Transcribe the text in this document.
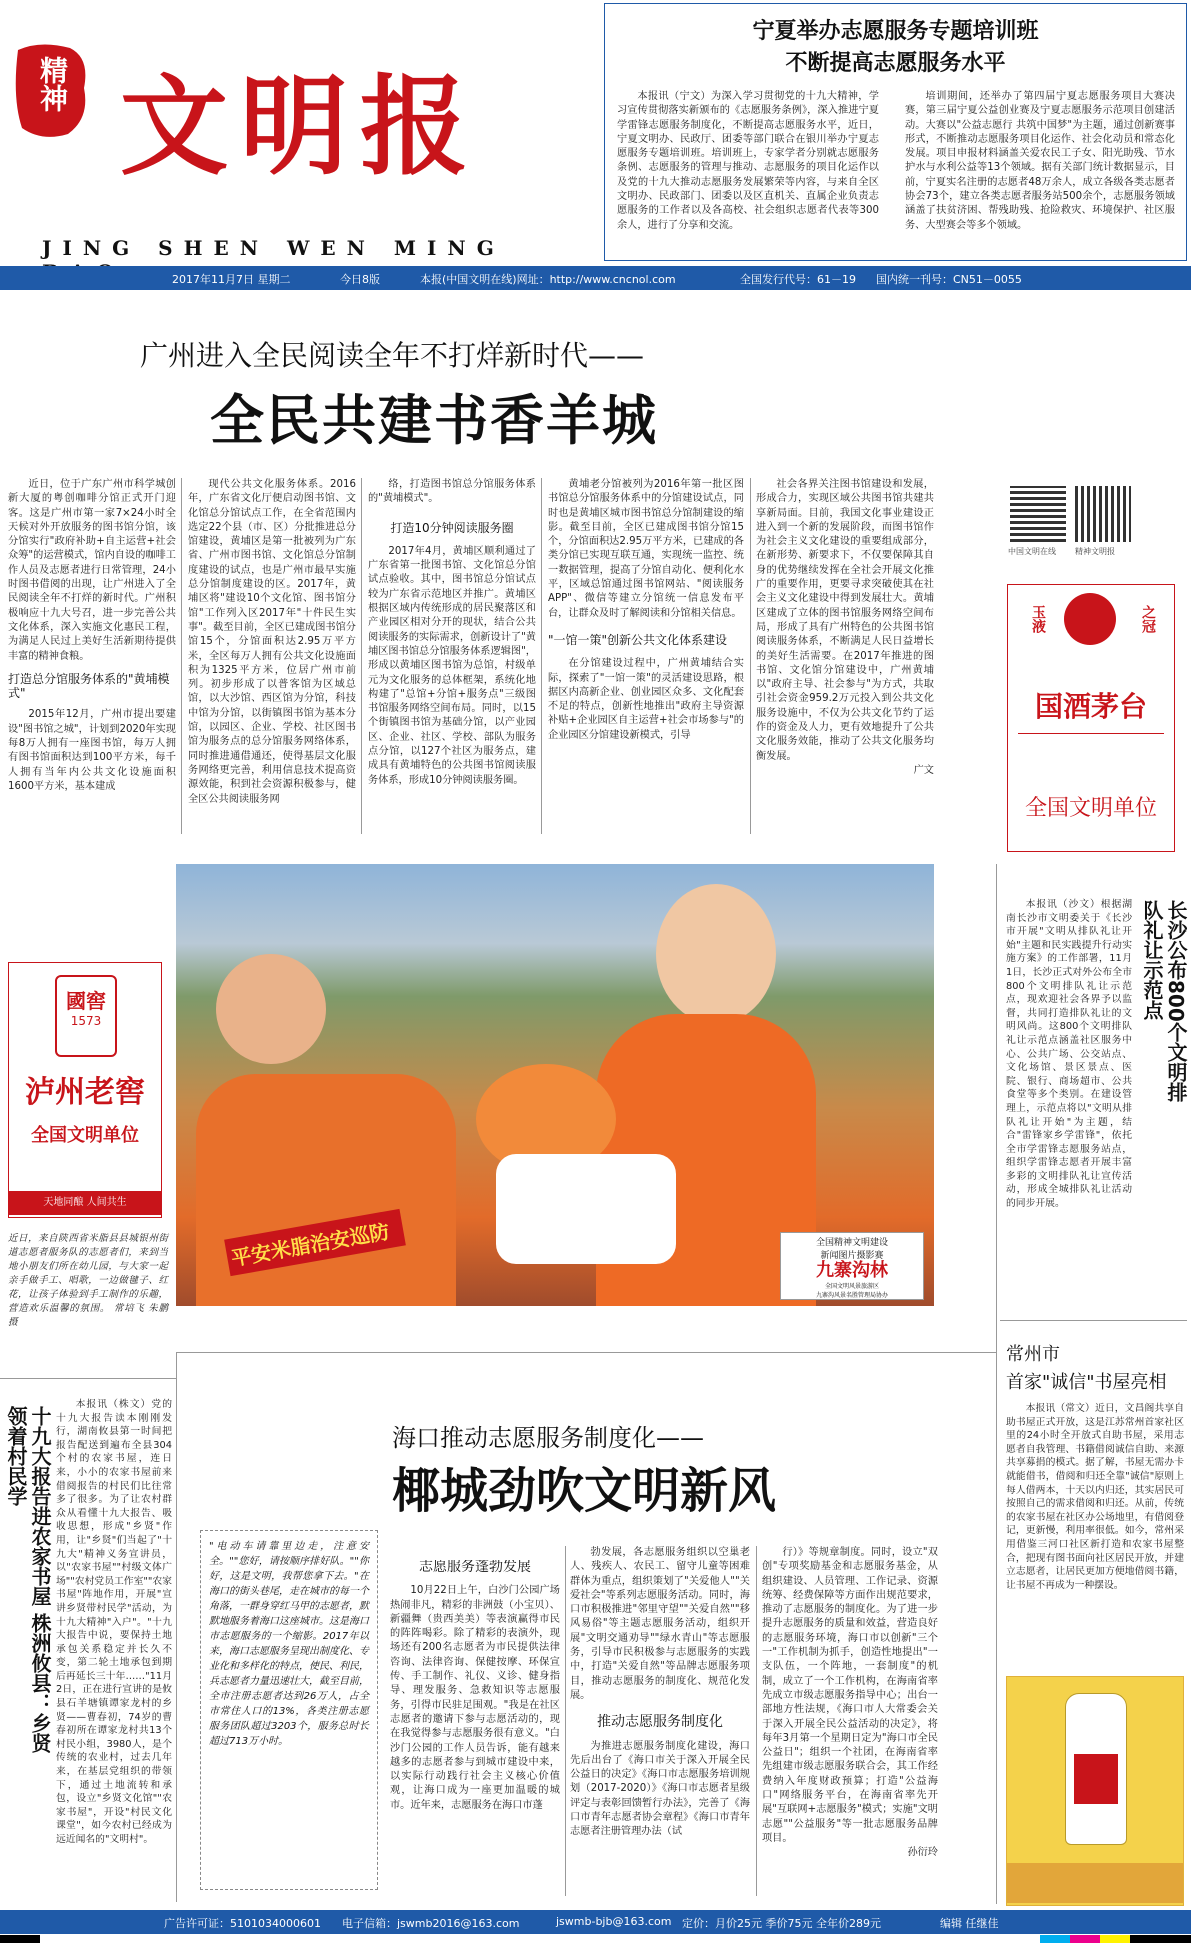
精神 文 明 报
JING SHEN WEN MING
宁夏举办志愿服务专题培训班
不断提高志愿服务水平

本报讯（宁文）为深入学习贯彻党的十九大精神，学习宣传贯彻落实新颁布的《志愿服务条例》，深入推进宁夏学雷锋志愿服务制度化，不断提高志愿服务水平，近日，宁夏文明办、民政厅、团委等部门联合在银川举办宁夏志愿服务专题培训班。培训班上，专家学者分别就志愿服务条例、志愿服务的管理与推动、志愿服务的项目化运作以及党的十九大推动志愿服务发展繁荣等内容，与来自全区文明办、民政部门、团委以及区直机关、直属企业负责志愿服务的工作者以及各高校、社会组织志愿者代表等300余人，进行了分享和交流。

培训期间，还举办了第四届宁夏志愿服务项目大赛决赛，第三届宁夏公益创业赛及宁夏志愿服务示范项目创建活动。大赛以"公益志愿行 共筑中国梦"为主题，通过创新赛事形式，不断推动志愿服务项目化运作、社会化动员和常态化发展。项目申报材料涵盖关爱农民工子女、阳光助残、节水护水与水利公益等13个领域。据有关部门统计数据显示，目前，宁夏实名注册的志愿者48万余人，成立各级各类志愿者协会73个，建立各类志愿者服务站500余个，志愿服务领域涵盖了扶贫济困、帮残助残、抢险救灾、环境保护、社区服务、大型赛会等多个领域。

2017年11月7日 星期二	今日8版	本报(中国文明在线)网址：http://www.cncnol.com	全国发行代号：61－19 国内统一刊号：CN51－0055
广州进入全民阅读全年不打烊新时代——
全民共建书香羊城

近日，位于广东广州市科学城创新大厦的粤创咖啡分馆正式开门迎客。这是广州市第一家7×24小时全天候对外开放服务的图书馆分馆，该分馆实行"政府补助+自主运营+社会众筹"的运营模式，馆内自设的咖啡工作人员及志愿者进行日常管理，24小时图书借阅的出现，让广州进入了全民阅读全年不打烊的新时代。广州积极响应十九大号召，进一步完善公共文化体系，深入实施文化惠民工程，为满足人民过上美好生活新期待提供丰富的精神食粮。

打造总分馆服务体系的"黄埔模式"

2015年12月，广州市提出要建设"图书馆之城"，计划到2020年实现每8万人拥有一座图书馆，每万人拥有图书馆面积达到100平方米，每千人拥有当年内公共文化设施面积1600平方米，基本建成

现代公共文化服务体系。2016年，广东省文化厅便启动图书馆、文化馆总分馆试点工作，在全省范围内选定22个县（市、区）分批推进总分馆建设，黄埔区是第一批被列为广东省、广州市图书馆、文化馆总分馆制度建设的试点，也是广州市最早实施总分馆制度建设的区。2017年，黄埔区将"建设10个文化馆、图书馆分馆"工作列入区2017年"十件民生实事"。截至目前，全区已建成图书馆分馆15个，分馆面积达2.95万平方米，全区每万人拥有公共文化设施面积为1325平方米，位居广州市前列。初步形成了以普客馆为区域总馆，以大沙馆、西区馆为分馆，科技中馆为分馆，以街镇图书馆为基本分馆，以园区、企业、学校、社区图书馆为服务点的总分馆服务网络体系，同时推进通借通还，使得基层文化服务网络更完善，利用信息技术提高资源效能，积到社会资源积极参与，健全区公共阅读服务网

络，打造图书馆总分馆服务体系的"黄埔模式"。

打造10分钟阅读服务圈

2017年4月，黄埔区顺利通过了广东省第一批图书馆、文化馆总分馆试点验收。其中，图书馆总分馆试点较为广东省示范地区并推广。黄埔区根据区域内传统形成的居民聚落区和产业园区相对分开的现状，结合公共阅读服务的实际需求，创新设计了"黄埔区图书馆总分馆服务体系逻辑图"，形成以黄埔区图书馆为总馆，村级单元为文化服务的总体框架，系统化地构建了"总馆+分馆+服务点"三级图书馆服务网络空间布局。同时，以15个街镇图书馆为基础分馆，以产业园区、企业、社区、学校、部队为服务点分馆，以127个社区为服务点，建成具有黄埔特色的公共图书馆阅读服务体系，形成10分钟阅读服务圈。

黄埔老分馆被列为2016年第一批区图书馆总分馆服务体系中的分馆建设试点，同时也是黄埔区城市图书馆总分馆制建设的缩影。截至目前，全区已建成图书馆分馆15个，分馆面积达2.95万平方米，已建成的各类分馆已实现互联互通，实现统一监控、统一数据管理，提高了分馆自动化、便利化水平，区域总馆通过图书馆网站、"阅读服务APP"、微信等建立分馆统一信息发布平台，让群众及时了解阅读和分馆相关信息。

"一馆一策"创新公共文化体系建设

在分馆建设过程中，广州黄埔结合实际，探索了"一馆一策"的灵活建设思路，根据区内高新企业、创业园区众多、文化配套不足的特点，创新性地推出"政府主导资源补贴+企业园区自主运营+社会市场参与"的企业园区分馆建设新模式，引导

社会各界关注图书馆建设和发展，形成合力，实现区域公共图书馆共建共享新局面。目前，我国文化事业建设正进入到一个新的发展阶段，而图书馆作为社会主义文化建设的重要组成部分，在新形势、新要求下，不仅要保障其自身的优势继续发挥在全社会开展文化推广的重要作用，更要寻求突破使其在社会主义文化建设中得到发展壮大。黄埔区建成了立体的图书馆服务网络空间布局，形成了具有广州特色的公共图书馆阅读服务体系，不断满足人民日益增长的美好生活需要。在2017年推进的图书馆、文化馆分馆建设中，广州黄埔以"政府主导、社会参与"为方式，共取引社会资金959.2万元投入到公共文化服务设施中，不仅为公共文化节约了运作的资金及人力，更有效地提升了公共文化服务效能，推动了公共文化服务均衡发展。

广文
中国文明在线 精神文明报
玉液	之冠
国酒茅台
全国文明单位
平安米脂治安巡防	全国精神文明建设
新闻图片摄影赛
九寨沟林
全国文明风景旅游区
九寨沟风景名胜管理局协办
國窖
1573
泸州老窖
全国文明单位
天地同酿 人间共生
近日，来自陕西省米脂县县城银州街道志愿者服务队的志愿者们，来到当地小朋友们所在幼儿园，与大家一起亲手做手工、唱歌，一边做毽子、红花，让孩子体验到手工制作的乐趣，营造欢乐温馨的氛围。 常培飞 朱鹏 摄
长沙公布800个文明排队礼让示范点

本报讯（沙文）根据湖南长沙市文明委关于《长沙市开展"文明从排队礼让开始"主题和民实践提升行动实施方案》的工作部署，11月1日，长沙正式对外公布全市800个文明排队礼让示范点，现欢迎社会各界予以监督，共同打造排队礼让的文明风尚。这800个文明排队礼让示范点涵盖社区服务中心、公共广场、公交站点、文化场馆、景区景点、医院、银行、商场超市、公共食堂等多个类别。在建设管理上，示范点将以"文明从排队礼让开始"为主题，结合"雷锋家乡学雷锋"，依托全市学雷锋志愿服务站点，组织学雷锋志愿者开展丰富多彩的文明排队礼让宣传活动，形成全城排队礼让活动的同步开展。

常州市
首家"诚信"书屋亮相

本报讯（常文）近日，文昌阁共享自助书屋正式开放，这是江苏常州首家社区里的24小时全开放式自助书屋，采用志愿者自我管理、书籍借阅诚信自助、来源共享募捐的模式。据了解，书屋无需办卡就能借书，借阅和归还全靠"诚信"原则上每人借两本，十天以内归还，其实居民可按照自己的需求借阅和归还。从前，传统的农家书屋在社区办公场地里，有借阅登记，更新慢，利用率很低。如今，常州采用借鉴三河口社区新打造和农家书屋整合，把现有图书面向社区居民开放，并建立志愿者，让居民更加方便地借阅书籍，让书屋不再成为一种摆设。

海口推动志愿服务制度化——
椰城劲吹文明新风
十九大报告进农家书屋 株洲攸县：乡贤领着村民学

本报讯（株文）党的十九大报告读本刚刚发行，湖南攸县第一时间把报告配送到遍布全县304个村的农家书屋，连日来，小小的农家书屋前来借阅报告的村民们比往常多了很多。为了让农村群众从看懂十九大报告、吸收思想，形成"乡贤"作用，让"乡贤"们当起了"十九大"精神义务宣讲员，以"农家书屋""村级文体广场""农村党员工作室""农家书屋"阵地作用，开展"宣讲乡贤带村民学"活动，为十九大精神"入户"。"十九大报告中说，要保持土地承包关系稳定并长久不变，第二轮土地承包到期后再延长三十年……"11月2日，正在进行宣讲的是攸县石羊塘镇谭家龙村的乡贤——曹春初，74岁的曹春初所在谭家龙村共13个村民小组，3980人，是个传统的农业村，过去几年来，在基层党组织的带领下，通过土地流转和承包，设立"乡贤文化馆""农家书屋"，开设"村民文化课堂"，如今农村已经成为远近闻名的"文明村"。

"电动车请靠里边走，注意安全。""您好，请按顺序排好队。""你好，这是文明，我帮您拿下去。"在海口的街头巷尾，走在城市的每一个角落，一群身穿红马甲的志愿者，默默地服务着海口这座城市。这是海口市志愿服务的一个缩影。2017年以来，海口志愿服务呈现出制度化、专业化和多样化的特点，使民、利民，兵志愿者力量迅速壮大，截至目前，全市注册志愿者达到26万人，占全市常住人口的13%，各类注册志愿服务团队超过3203个，服务总时长超过713万小时。
志愿服务蓬勃发展

10月22日上午，白沙门公园广场热闹非凡，精彩的非洲鼓（小宝贝）、新疆舞（贵西美美）等表演赢得市民的阵阵喝彩。除了精彩的表演外，现场还有200名志愿者为市民提供法律咨询、法律咨询、保健按摩、环保宣传、手工制作、礼仪、义诊、健身指导、理发服务、急救知识等志愿服务，引得市民驻足围观。"我是在社区志愿者的邀请下参与志愿活动的，现在我觉得参与志愿服务很有意义。"白沙门公园的工作人员告诉，能有越来越多的志愿者参与到城市建设中来，以实际行动践行社会主义核心价值观，让海口成为一座更加温暖的城市。近年来，志愿服务在海口市蓬

勃发展，各志愿服务组织以空巢老人、残疾人、农民工、留守儿童等困难群体为重点，组织策划了"关爱他人""关爱社会"等系列志愿服务活动。同时，海口市积极推进"邻里守望""关爱自然""移风易俗"等主题志愿服务活动，组织开展"文明交通劝导""绿水青山"等志愿服务，引导市民积极参与志愿服务的实践中，打造"关爱自然"等品牌志愿服务项目，推动志愿服务的制度化、规范化发展。

推动志愿服务制度化

为推进志愿服务制度化建设，海口先后出台了《海口市关于深入开展全民公益日的决定》《海口市志愿服务培训规划（2017-2020）》《海口市志愿者星级评定与表彰回馈暂行办法》，完善了《海口市青年志愿者协会章程》《海口市青年志愿者注册管理办法（试

行）》等规章制度。同时，设立"双创"专项奖励基金和志愿服务基金，从组织建设、人员管理、工作记录、资源统筹、经费保障等方面作出规范要求，推动了志愿服务的制度化。为了进一步提升志愿服务的质量和效益，营造良好的志愿服务环境，海口市以创新"三个一"工作机制为抓手，创造性地提出"一支队伍，一个阵地，一套制度"的机制，成立了一个工作机构，在海南省率先成立市级志愿服务指导中心；出台一部地方性法规，《海口市人大常委会关于深入开展全民公益活动的决定》，将每年3月第一个星期日定为"海口市全民公益日"；组织一个社团，在海南省率先组建市级志愿服务联合会，其工作经费纳入年度财政预算；打造"公益海口"网络服务平台，在海南省率先开展"互联网+志愿服务"模式；实施"文明志愿""公益服务"等一批志愿服务品牌项目。

孙衍玲
广告许可证：5101034000601 电子信箱：jswmb2016@163.com	jswmb-bjb@163.com 定价：月价25元 季价75元 全年价289元	编辑 任继佳
